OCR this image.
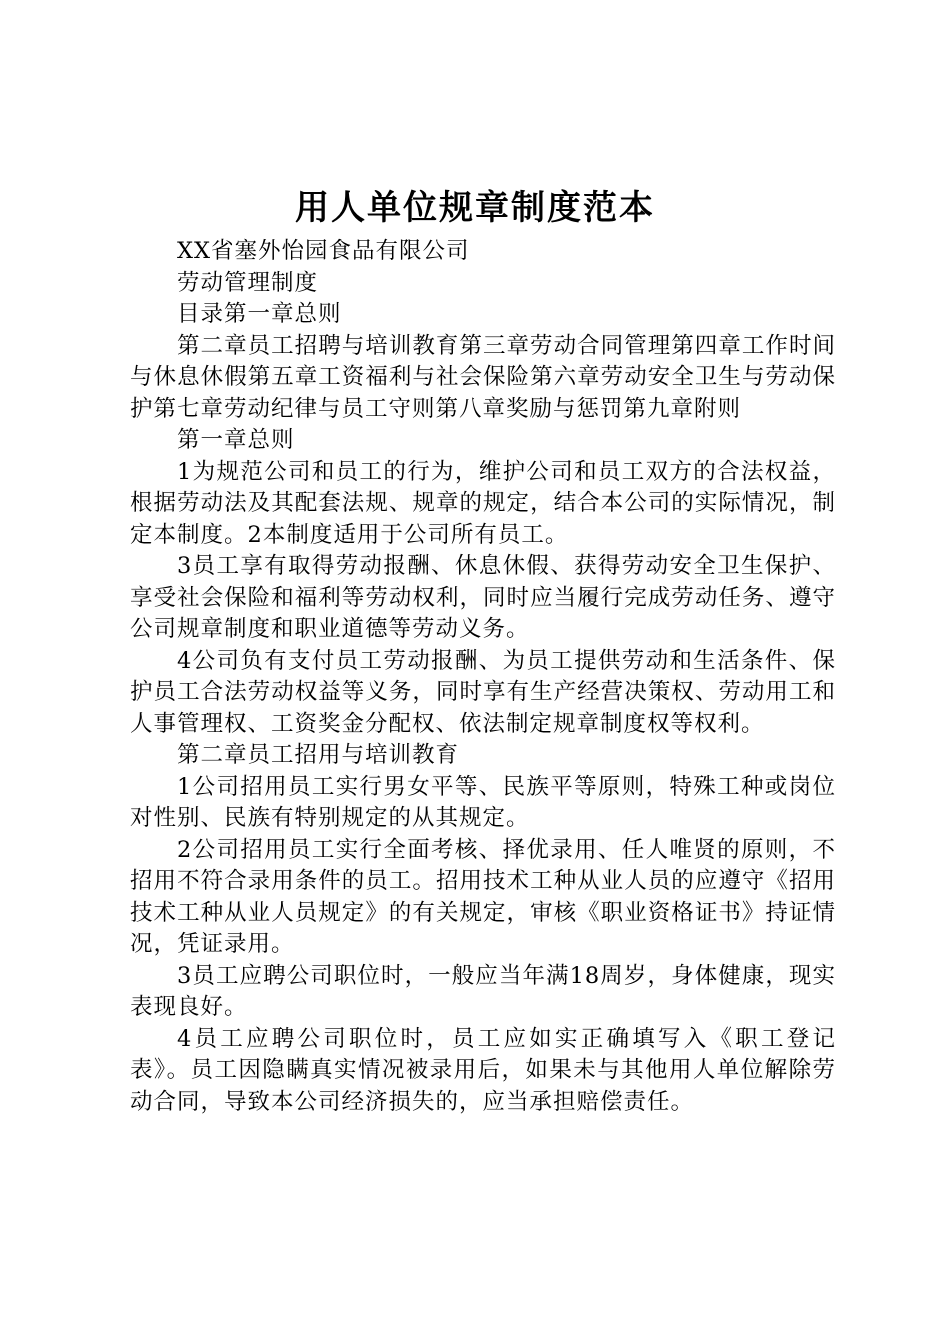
用人单位规章制度范本

XX省塞外怡园食品有限公司

劳动管理制度

目录第一章总则

第二章员工招聘与培训教育第三章劳动合同管理第四章工作时间与休息休假第五章工资福利与社会保险第六章劳动安全卫生与劳动保护第七章劳动纪律与员工守则第八章奖励与惩罚第九章附则

第一章总则

1为规范公司和员工的行为，维护公司和员工双方的合法权益，根据劳动法及其配套法规、规章的规定，结合本公司的实际情况，制定本制度。2本制度适用于公司所有员工。

3员工享有取得劳动报酬、休息休假、获得劳动安全卫生保护、享受社会保险和福利等劳动权利，同时应当履行完成劳动任务、遵守公司规章制度和职业道德等劳动义务。

4公司负有支付员工劳动报酬、为员工提供劳动和生活条件、保护员工合法劳动权益等义务，同时享有生产经营决策权、劳动用工和人事管理权、工资奖金分配权、依法制定规章制度权等权利。

第二章员工招用与培训教育

1公司招用员工实行男女平等、民族平等原则，特殊工种或岗位对性别、民族有特别规定的从其规定。

2公司招用员工实行全面考核、择优录用、任人唯贤的原则，不招用不符合录用条件的员工。招用技术工种从业人员的应遵守《招用技术工种从业人员规定》的有关规定，审核《职业资格证书》持证情况，凭证录用。

3员工应聘公司职位时，一般应当年满18周岁，身体健康，现实表现良好。

4员工应聘公司职位时，员工应如实正确填写入《职工登记表》。员工因隐瞒真实情况被录用后，如果未与其他用人单位解除劳动合同，导致本公司经济损失的，应当承担赔偿责任。
